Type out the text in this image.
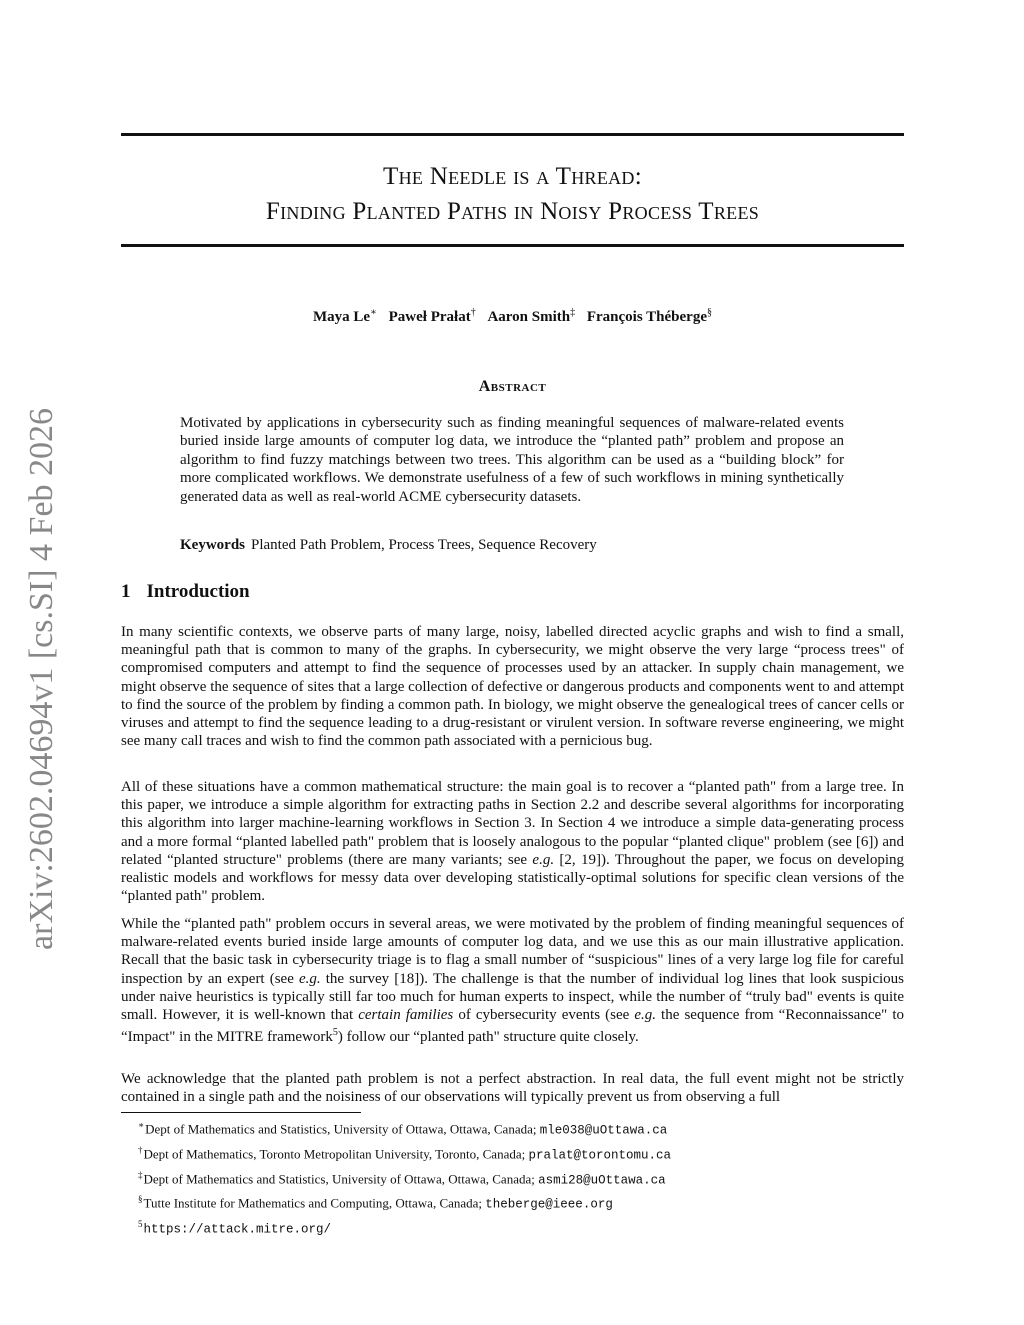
arXiv:2602.04694v1 [cs.SI] 4 Feb 2026
The Needle is a Thread:
Finding Planted Paths in Noisy Process Trees
Maya Le∗ Paweł Prałat† Aaron Smith‡ François Théberge§
Abstract

Motivated by applications in cybersecurity such as finding meaningful sequences of malware-related events buried inside large amounts of computer log data, we introduce the “planted path” problem and propose an algorithm to find fuzzy matchings between two trees. This algorithm can be used as a “building block” for more complicated workflows. We demonstrate usefulness of a few of such workflows in mining synthetically generated data as well as real-world ACME cybersecurity datasets.

Keywords Planted Path Problem, Process Trees, Sequence Recovery

1 Introduction

In many scientific contexts, we observe parts of many large, noisy, labelled directed acyclic graphs and wish to find a small, meaningful path that is common to many of the graphs. In cybersecurity, we might observe the very large “process trees" of compromised computers and attempt to find the sequence of processes used by an attacker. In supply chain management, we might observe the sequence of sites that a large collection of defective or dangerous products and components went to and attempt to find the source of the problem by finding a common path. In biology, we might observe the genealogical trees of cancer cells or viruses and attempt to find the sequence leading to a drug-resistant or virulent version. In software reverse engineering, we might see many call traces and wish to find the common path associated with a pernicious bug.

All of these situations have a common mathematical structure: the main goal is to recover a “planted path" from a large tree. In this paper, we introduce a simple algorithm for extracting paths in Section 2.2 and describe several algorithms for incorporating this algorithm into larger machine-learning workflows in Section 3. In Section 4 we introduce a simple data-generating process and a more formal “planted labelled path" problem that is loosely analogous to the popular “planted clique" problem (see [6]) and related “planted structure" problems (there are many variants; see e.g. [2, 19]). Throughout the paper, we focus on developing realistic models and workflows for messy data over developing statistically-optimal solutions for specific clean versions of the “planted path" problem.

While the “planted path" problem occurs in several areas, we were motivated by the problem of finding meaningful sequences of malware-related events buried inside large amounts of computer log data, and we use this as our main illustrative application. Recall that the basic task in cybersecurity triage is to flag a small number of “suspicious" lines of a very large log file for careful inspection by an expert (see e.g. the survey [18]). The challenge is that the number of individual log lines that look suspicious under naive heuristics is typically still far too much for human experts to inspect, while the number of “truly bad" events is quite small. However, it is well-known that certain families of cybersecurity events (see e.g. the sequence from “Reconnaissance" to “Impact" in the MITRE framework$^5$) follow our “planted path" structure quite closely.

We acknowledge that the planted path problem is not a perfect abstraction. In real data, the full event might not be strictly contained in a single path and the noisiness of our observations will typically prevent us from observing a full

∗Dept of Mathematics and Statistics, University of Ottawa, Ottawa, Canada; mle038@uOttawa.ca
†Dept of Mathematics, Toronto Metropolitan University, Toronto, Canada; pralat@torontomu.ca
‡Dept of Mathematics and Statistics, University of Ottawa, Ottawa, Canada; asmi28@uOttawa.ca
§Tutte Institute for Mathematics and Computing, Ottawa, Canada; theberge@ieee.org
$^5$https://attack.mitre.org/
